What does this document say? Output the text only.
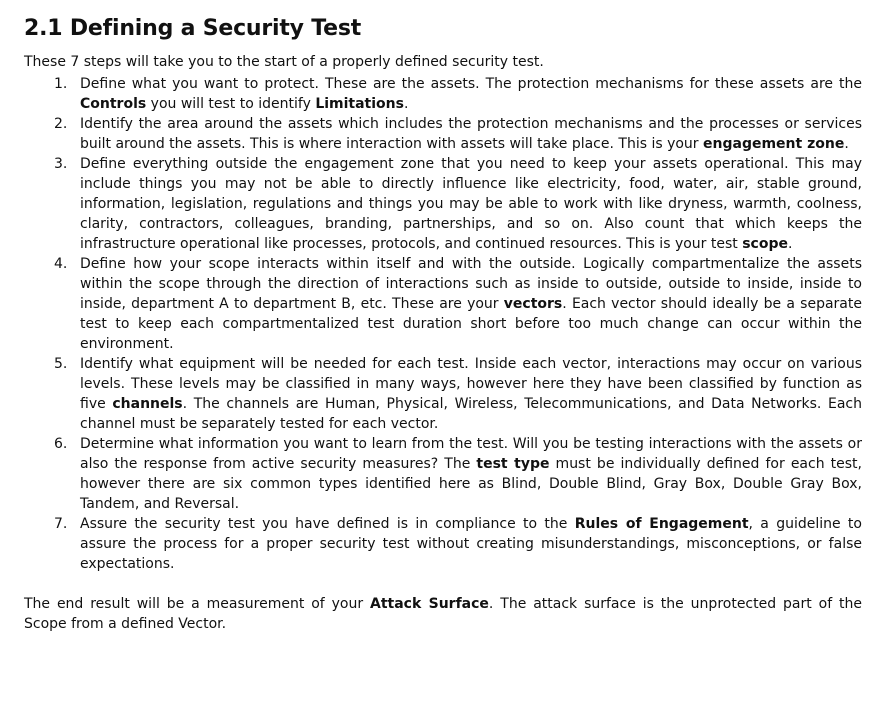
2.1 Defining a Security Test

These 7 steps will take you to the start of a properly defined security test.

1. Define what you want to protect. These are the assets. The protection mechanisms for these assets are the Controls you will test to identify Limitations.
2. Identify the area around the assets which includes the protection mechanisms and the processes or services built around the assets. This is where interaction with assets will take place. This is your engagement zone.
3. Define everything outside the engagement zone that you need to keep your assets operational. This may include things you may not be able to directly influence like electricity, food, water, air, stable ground, information, legislation, regulations and things you may be able to work with like dryness, warmth, coolness, clarity, contractors, colleagues, branding, partnerships, and so on. Also count that which keeps the infrastructure operational like processes, protocols, and continued resources. This is your test scope.
4. Define how your scope interacts within itself and with the outside. Logically compartmentalize the assets within the scope through the direction of interactions such as inside to outside, outside to inside, inside to inside, department A to department B, etc. These are your vectors. Each vector should ideally be a separate test to keep each compartmentalized test duration short before too much change can occur within the environment.
5. Identify what equipment will be needed for each test. Inside each vector, interactions may occur on various levels. These levels may be classified in many ways, however here they have been classified by function as five channels. The channels are Human, Physical, Wireless, Telecommunications, and Data Networks. Each channel must be separately tested for each vector.
6. Determine what information you want to learn from the test. Will you be testing interactions with the assets or also the response from active security measures? The test type must be individually defined for each test, however there are six common types identified here as Blind, Double Blind, Gray Box, Double Gray Box, Tandem, and Reversal.
7. Assure the security test you have defined is in compliance to the Rules of Engagement, a guideline to assure the process for a proper security test without creating misunderstandings, misconceptions, or false expectations.

The end result will be a measurement of your Attack Surface. The attack surface is the unprotected part of the Scope from a defined Vector.
